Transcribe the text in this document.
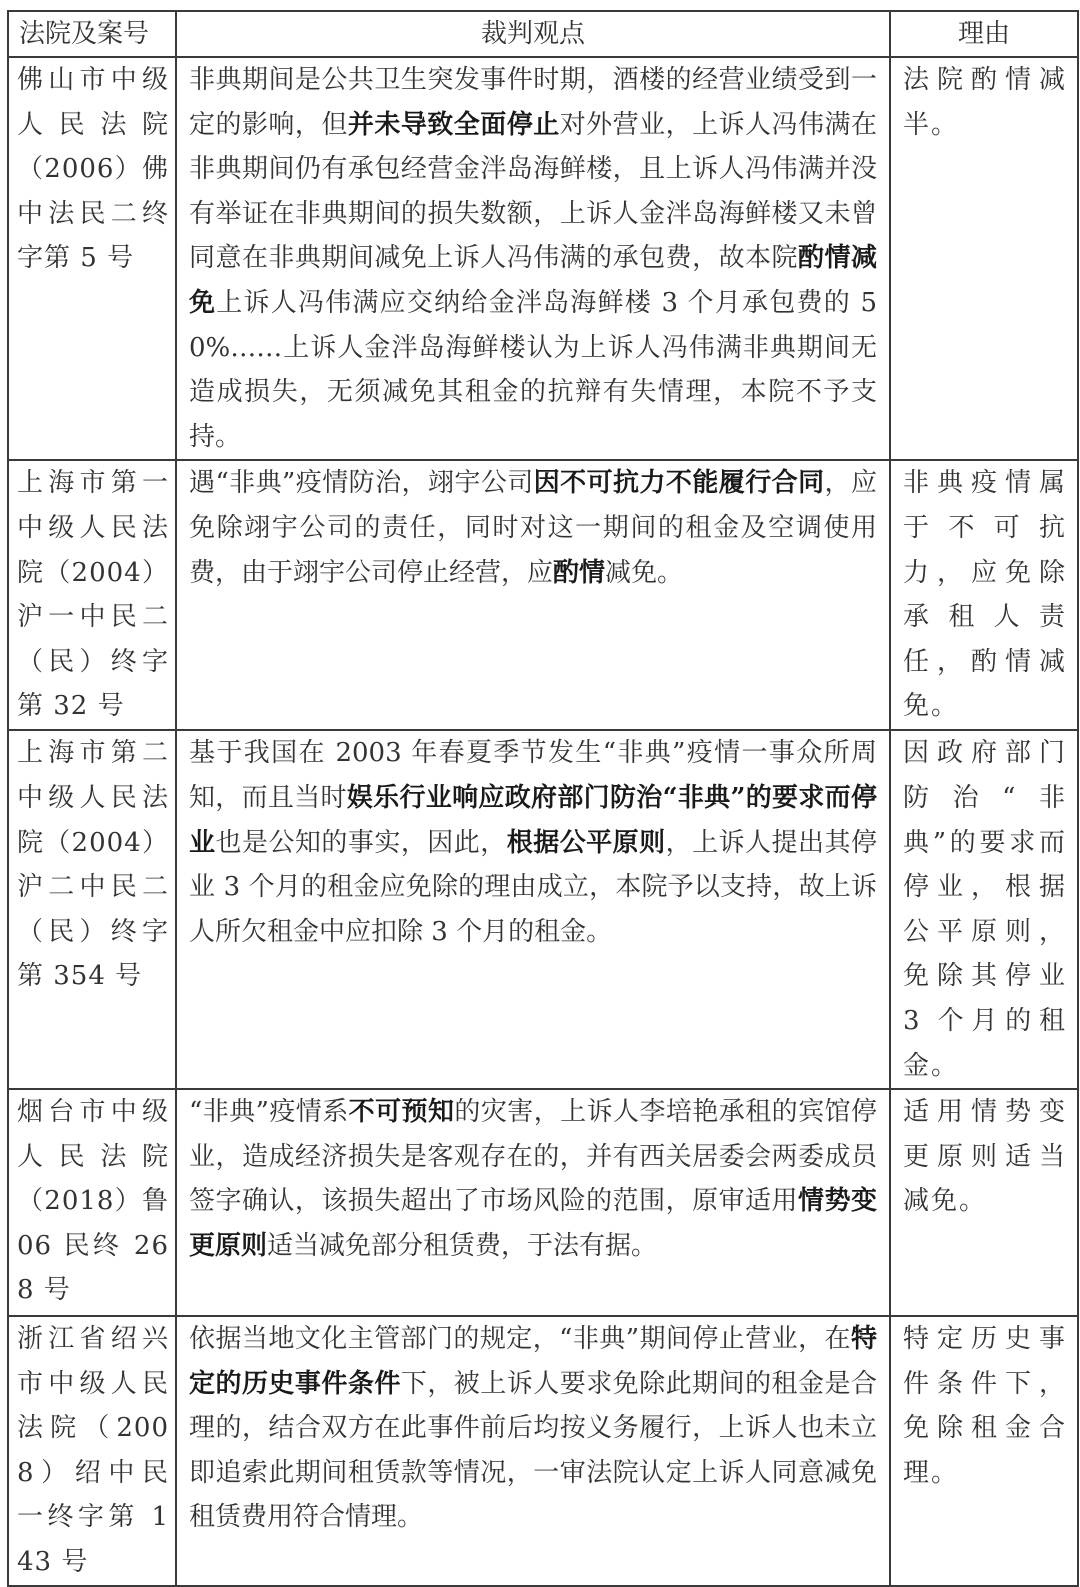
法院及案号	裁判观点	理由
佛山市中级人民法院（2006）佛中法民二终字第 5 号	非典期间是公共卫生突发事件时期，酒楼的经营业绩受到一定的影响，但并未导致全面停止对外营业，上诉人冯伟满在非典期间仍有承包经营金泮岛海鲜楼，且上诉人冯伟满并没有举证在非典期间的损失数额，上诉人金泮岛海鲜楼又未曾同意在非典期间减免上诉人冯伟满的承包费，故本院酌情减免上诉人冯伟满应交纳给金泮岛海鲜楼 3 个月承包费的 50%……上诉人金泮岛海鲜楼认为上诉人冯伟满非典期间无造成损失，无须减免其租金的抗辩有失情理，本院不予支持。	法院酌情减半。
上海市第一中级人民法院（2004）沪一中民二（民）终字第 32 号	遇“非典”疫情防治，翊宇公司因不可抗力不能履行合同，应免除翊宇公司的责任，同时对这一期间的租金及空调使用费，由于翊宇公司停止经营，应酌情减免。	非典疫情属于不可抗力，应免除承租人责任，酌情减免。
上海市第二中级人民法院（2004）沪二中民二（民）终字第 354 号	基于我国在 2003 年春夏季节发生“非典”疫情一事众所周知，而且当时娱乐行业响应政府部门防治“非典”的要求而停业也是公知的事实，因此，根据公平原则，上诉人提出其停业 3 个月的租金应免除的理由成立，本院予以支持，故上诉人所欠租金中应扣除 3 个月的租金。	因政府部门防治“非典”的要求而停业，根据公平原则，免除其停业 3 个月的租金。
烟台市中级人民法院（2018）鲁 06 民终 268 号	“非典”疫情系不可预知的灾害，上诉人李培艳承租的宾馆停业，造成经济损失是客观存在的，并有西关居委会两委成员签字确认，该损失超出了市场风险的范围，原审适用情势变更原则适当减免部分租赁费，于法有据。	适用情势变更原则适当减免。
浙江省绍兴市中级人民法院（2008）绍中民一终字第 143 号	依据当地文化主管部门的规定，“非典”期间停止营业，在特定的历史事件条件下，被上诉人要求免除此期间的租金是合理的，结合双方在此事件前后均按义务履行，上诉人也未立即追索此期间租赁款等情况，一审法院认定上诉人同意减免租赁费用符合情理。	特定历史事件条件下，免除租金合理。
